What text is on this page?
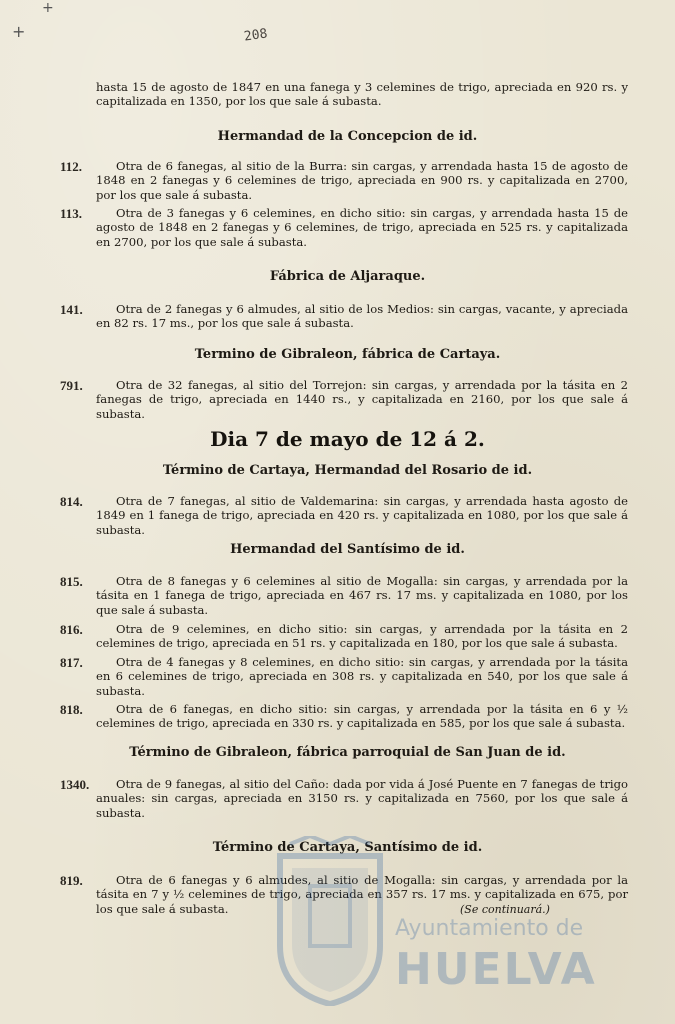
+
+	208
hasta 15 de agosto de 1847 en una fanega y 3 celemines de trigo, apreciada en 920 rs. y capitalizada en 1350, por los que sale á subasta.
Hermandad de la Concepcion de id.
112.	Otra de 6 fanegas, al sitio de la Burra: sin cargas, y arrendada hasta 15 de agosto de 1848 en 2 fanegas y 6 celemines de trigo, apreciada en 900 rs. y capitalizada en 2700, por los que sale á subasta.
113.	Otra de 3 fanegas y 6 celemines, en dicho sitio: sin cargas, y arrendada hasta 15 de agosto de 1848 en 2 fanegas y 6 celemines, de trigo, apreciada en 525 rs. y capitalizada en 2700, por los que sale á subasta.
Fábrica de Aljaraque.
141.	Otra de 2 fanegas y 6 almudes, al sitio de los Medios: sin cargas, vacante, y apreciada en 82 rs. 17 ms., por los que sale á subasta.
Termino de Gibraleon, fábrica de Cartaya.
791.	Otra de 32 fanegas, al sitio del Torrejon: sin cargas, y arrendada por la tásita en 2 fanegas de trigo, apreciada en 1440 rs., y capitalizada en 2160, por los que sale á subasta.
Dia 7 de mayo de 12 á 2.
Término de Cartaya, Hermandad del Rosario de id.
814.	Otra de 7 fanegas, al sitio de Valdemarina: sin cargas, y arrendada hasta agosto de 1849 en 1 fanega de trigo, apreciada en 420 rs. y capitalizada en 1080, por los que sale á subasta.
Hermandad del Santísimo de id.
815.	Otra de 8 fanegas y 6 celemines al sitio de Mogalla: sin cargas, y arrendada por la tásita en 1 fanega de trigo, apreciada en 467 rs. 17 ms. y capitalizada en 1080, por los que sale á subasta.
816.	Otra de 9 celemines, en dicho sitio: sin cargas, y arrendada por la tásita en 2 celemines de trigo, apreciada en 51 rs. y capitalizada en 180, por los que sale á subasta.
817.	Otra de 4 fanegas y 8 celemines, en dicho sitio: sin cargas, y arrendada por la tásita en 6 celemines de trigo, apreciada en 308 rs. y capitalizada en 540, por los que sale á subasta.
818.	Otra de 6 fanegas, en dicho sitio: sin cargas, y arrendada por la tásita en 6 y ½ celemines de trigo, apreciada en 330 rs. y capitalizada en 585, por los que sale á subasta.
Término de Gibraleon, fábrica parroquial de San Juan de id.
1340.	Otra de 9 fanegas, al sitio del Caño: dada por vida á José Puente en 7 fanegas de trigo anuales: sin cargas, apreciada en 3150 rs. y capitalizada en 7560, por los que sale á subasta.
Término de Cartaya, Santísimo de id.
819.	Otra de 6 fanegas y 6 almudes, al sitio de Mogalla: sin cargas, y arrendada por la tásita en 7 y ½ celemines de trigo, apreciada en 357 rs. 17 ms. y capitalizada en 675, por los que sale á subasta.	(Se continuará.)
Ayuntamiento de
HUELVA
